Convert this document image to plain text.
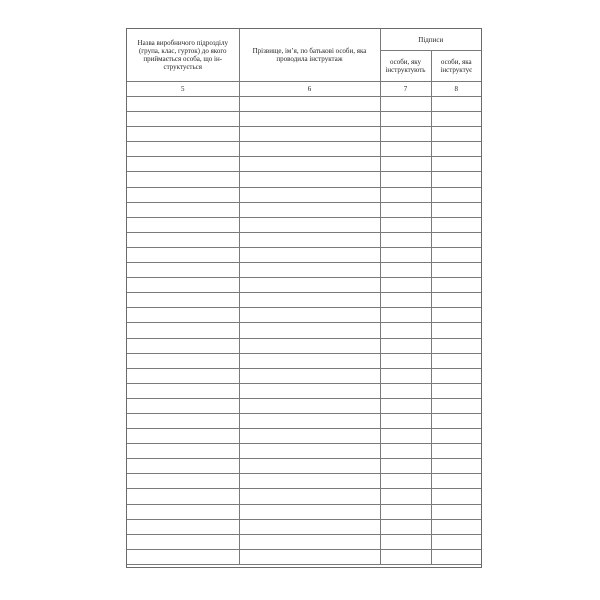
Назва виробничого підрозділу (група, клас, гурток) до якого приймається особа, що ін- структується	Прізвище, ім’я, по батькові особи, яка проводила інструктаж	Підписи	
		особи, яку інструктують	особи, яка інструктує
5	6	7	8
